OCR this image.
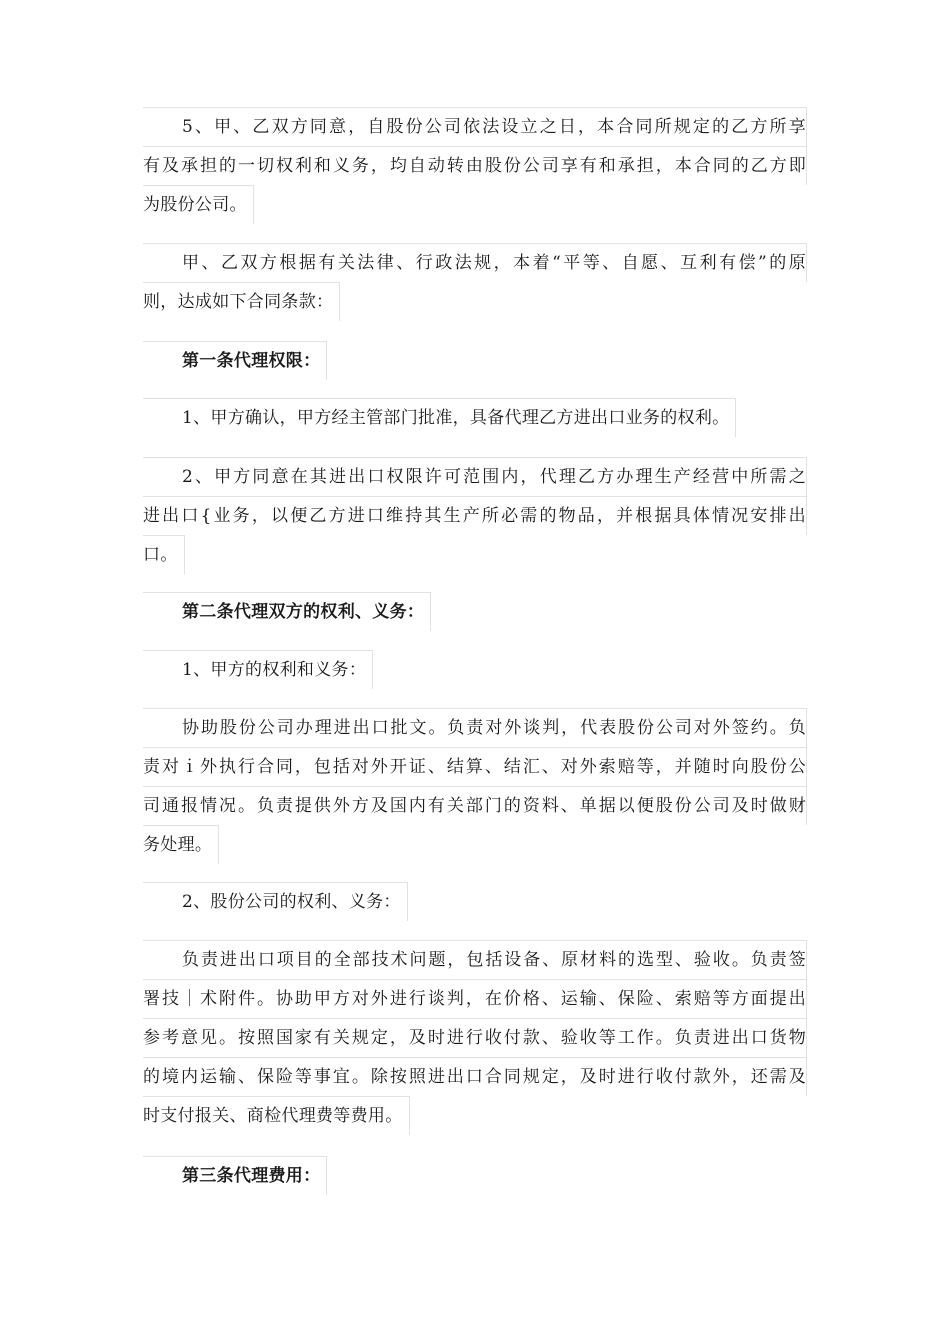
5、甲、乙双方同意，自股份公司依法设立之日，本合同所规定的乙方所享
有及承担的一切权利和义务，均自动转由股份公司享有和承担，本合同的乙方即
为股份公司。
甲、乙双方根据有关法律、行政法规，本着“平等、自愿、互利有偿”的原
则，达成如下合同条款：
第一条代理权限：
1、甲方确认，甲方经主管部门批准，具备代理乙方进出口业务的权利。
2、甲方同意在其进出口权限许可范围内，代理乙方办理生产经营中所需之
进出口{业务，以便乙方进口维持其生产所必需的物品，并根据具体情况安排出
口。
第二条代理双方的权利、义务：
1、甲方的权利和义务：
协助股份公司办理进出口批文。负责对外谈判，代表股份公司对外签约。负
责对ｉ外执行合同，包括对外开证、结算、结汇、对外索赔等，并随时向股份公
司通报情况。负责提供外方及国内有关部门的资料、单据以便股份公司及时做财
务处理。
2、股份公司的权利、义务：
负责进出口项目的全部技术问题，包括设备、原材料的选型、验收。负责签
署技｜术附件。协助甲方对外进行谈判，在价格、运输、保险、索赔等方面提出
参考意见。按照国家有关规定，及时进行收付款、验收等工作。负责进出口货物
的境内运输、保险等事宜。除按照进出口合同规定，及时进行收付款外，还需及
时支付报关、商检代理费等费用。
第三条代理费用：
